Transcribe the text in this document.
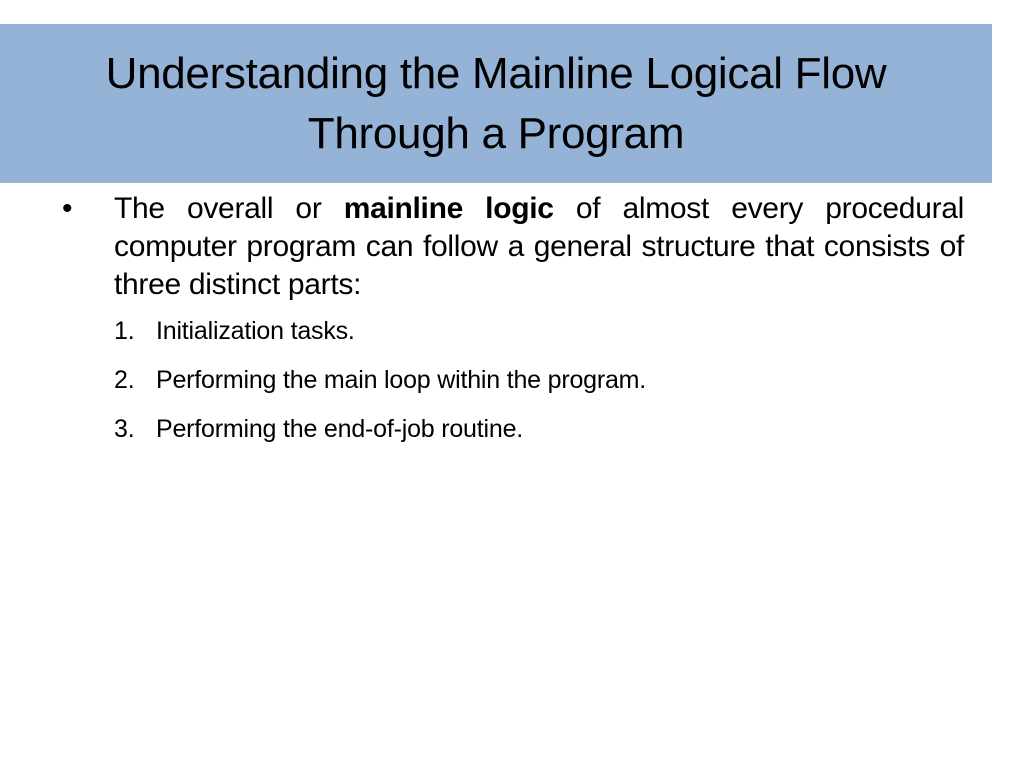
Understanding the Mainline Logical Flow Through a Program
•	The overall or mainline logic of almost every procedural computer program can follow a general structure that consists of three distinct parts:
1. Initialization tasks.
2. Performing the main loop within the program.
3. Performing the end-of-job routine.
